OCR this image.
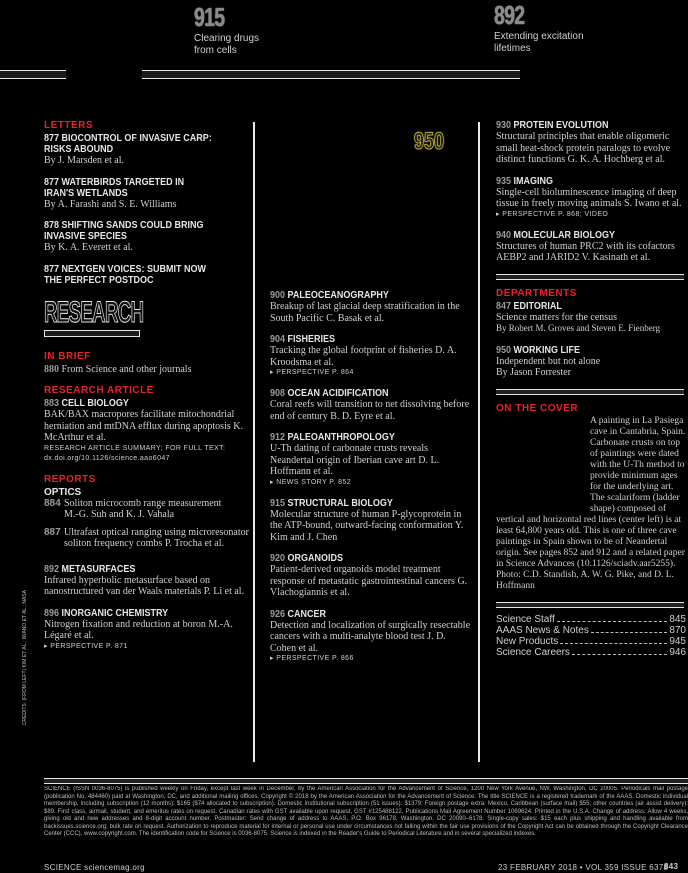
915
Clearing drugs
from cells
892
Extending excitation
lifetimes
LETTERS
877 BIOCONTROL OF INVASIVE CARP:
RISKS ABOUND
By J. Marsden et al.
877 WATERBIRDS TARGETED IN
IRAN'S WETLANDS
By A. Farashi and S. E. Williams
878 SHIFTING SANDS COULD BRING
INVASIVE SPECIES
By K. A. Everett et al.
877 NEXTGEN VOICES: SUBMIT NOW
THE PERFECT POSTDOC
RESEARCH
IN BRIEF
880 From Science and other journals
RESEARCH ARTICLE
883 CELL BIOLOGY
BAK/BAX macropores facilitate mitochondrial herniation and mtDNA efflux during apoptosis K. McArthur et al.
RESEARCH ARTICLE SUMMARY; FOR FULL TEXT:
dx.doi.org/10.1126/science.aao6047
REPORTS
OPTICS
884 Soliton microcomb range measurement
M.-G. Suh and K. J. Vahala
887 Ultrafast optical ranging using microresonator soliton frequency combs P. Trocha et al.
892 METASURFACES
Infrared hyperbolic metasurface based on nanostructured van der Waals materials P. Li et al.
896 INORGANIC CHEMISTRY
Nitrogen fixation and reduction at boron M.-A. Légaré et al.
▸ PERSPECTIVE P. 871
950
900 PALEOCEANOGRAPHY
Breakup of last glacial deep stratification in the South Pacific C. Basak et al.
904 FISHERIES
Tracking the global footprint of fisheries D. A. Kroodsma et al.
▸ PERSPECTIVE P. 864
908 OCEAN ACIDIFICATION
Coral reefs will transition to net dissolving before end of century B. D. Eyre et al.
912 PALEOANTHROPOLOGY
U-Th dating of carbonate crusts reveals Neandertal origin of Iberian cave art D. L. Hoffmann et al.
▸ NEWS STORY P. 852
915 STRUCTURAL BIOLOGY
Molecular structure of human P-glycoprotein in the ATP-bound, outward-facing conformation Y. Kim and J. Chen
920 ORGANOIDS
Patient-derived organoids model treatment response of metastatic gastrointestinal cancers G. Vlachogiannis et al.
926 CANCER
Detection and localization of surgically resectable cancers with a multi-analyte blood test J. D. Cohen et al.
▸ PERSPECTIVE P. 866
930 PROTEIN EVOLUTION
Structural principles that enable oligomeric small heat-shock protein paralogs to evolve distinct functions G. K. A. Hochberg et al.
935 IMAGING
Single-cell bioluminescence imaging of deep tissue in freely moving animals S. Iwano et al.
▸ PERSPECTIVE P. 868; VIDEO
940 MOLECULAR BIOLOGY
Structures of human PRC2 with its cofactors AEBP2 and JARID2 V. Kasinath et al.
DEPARTMENTS
847 EDITORIAL
Science matters for the census
By Robert M. Groves and Steven E. Fienberg
950 WORKING LIFE
Independent but not alone
By Jason Forrester
ON THE COVER
A painting in La Pasiega cave in Cantabria, Spain. Carbonate crusts on top of paintings were dated with the U-Th method to provide minimum ages for the underlying art. The scalariform (ladder shape) composed of vertical and horizontal red lines (center left) is at least 64,800 years old. This is one of three cave paintings in Spain shown to be of Neandertal origin. See pages 852 and 912 and a related paper in Science Advances (10.1126/sciadv.aar5255). Photo: C.D. Standish, A. W. G. Pike, and D. L. Hoffmann
Science Staff	845
AAAS News & Notes	870
New Products	945
Science Careers	946
CREDITS: (FROM LEFT) KIM ET AL.; IWANO ET AL.; NASA
SCIENCE (ISSN 0036-8075) is published weekly on Friday, except last week in December, by the American Association for the Advancement of Science, 1200 New York Avenue, NW, Washington, DC 20005. Periodicals mail postage (publication No. 484460) paid at Washington, DC, and additional mailing offices. Copyright © 2018 by the American Association for the Advancement of Science. The title SCIENCE is a registered trademark of the AAAS. Domestic individual membership, including subscription (12 months): $165 ($74 allocated to subscription). Domestic institutional subscription (51 issues): $1379; Foreign postage extra: Mexico, Caribbean (surface mail) $55; other countries (air assist delivery): $89. First class, airmail, student, and emeritus rates on request. Canadian rates with GST available upon request, GST #125488122. Publications Mail Agreement Number 1069624. Printed in the U.S.A. Change of address: Allow 4 weeks, giving old and new addresses and 8-digit account number. Postmaster: Send change of address to AAAS, P.O. Box 96178, Washington, DC 20090–6178. Single-copy sales: $15 each plus shipping and handling available from backissues.science.org; bulk rate on request. Authorization to reproduce material for internal or personal use under circumstances not falling within the fair use provisions of the Copyright Act can be obtained through the Copyright Clearance Center (CCC), www.copyright.com. The identification code for Science is 0036-8075. Science is indexed in the Reader's Guide to Periodical Literature and in several specialized indexes.
SCIENCE sciencemag.org	23 FEBRUARY 2018 • VOL 359 ISSUE 6378
843
